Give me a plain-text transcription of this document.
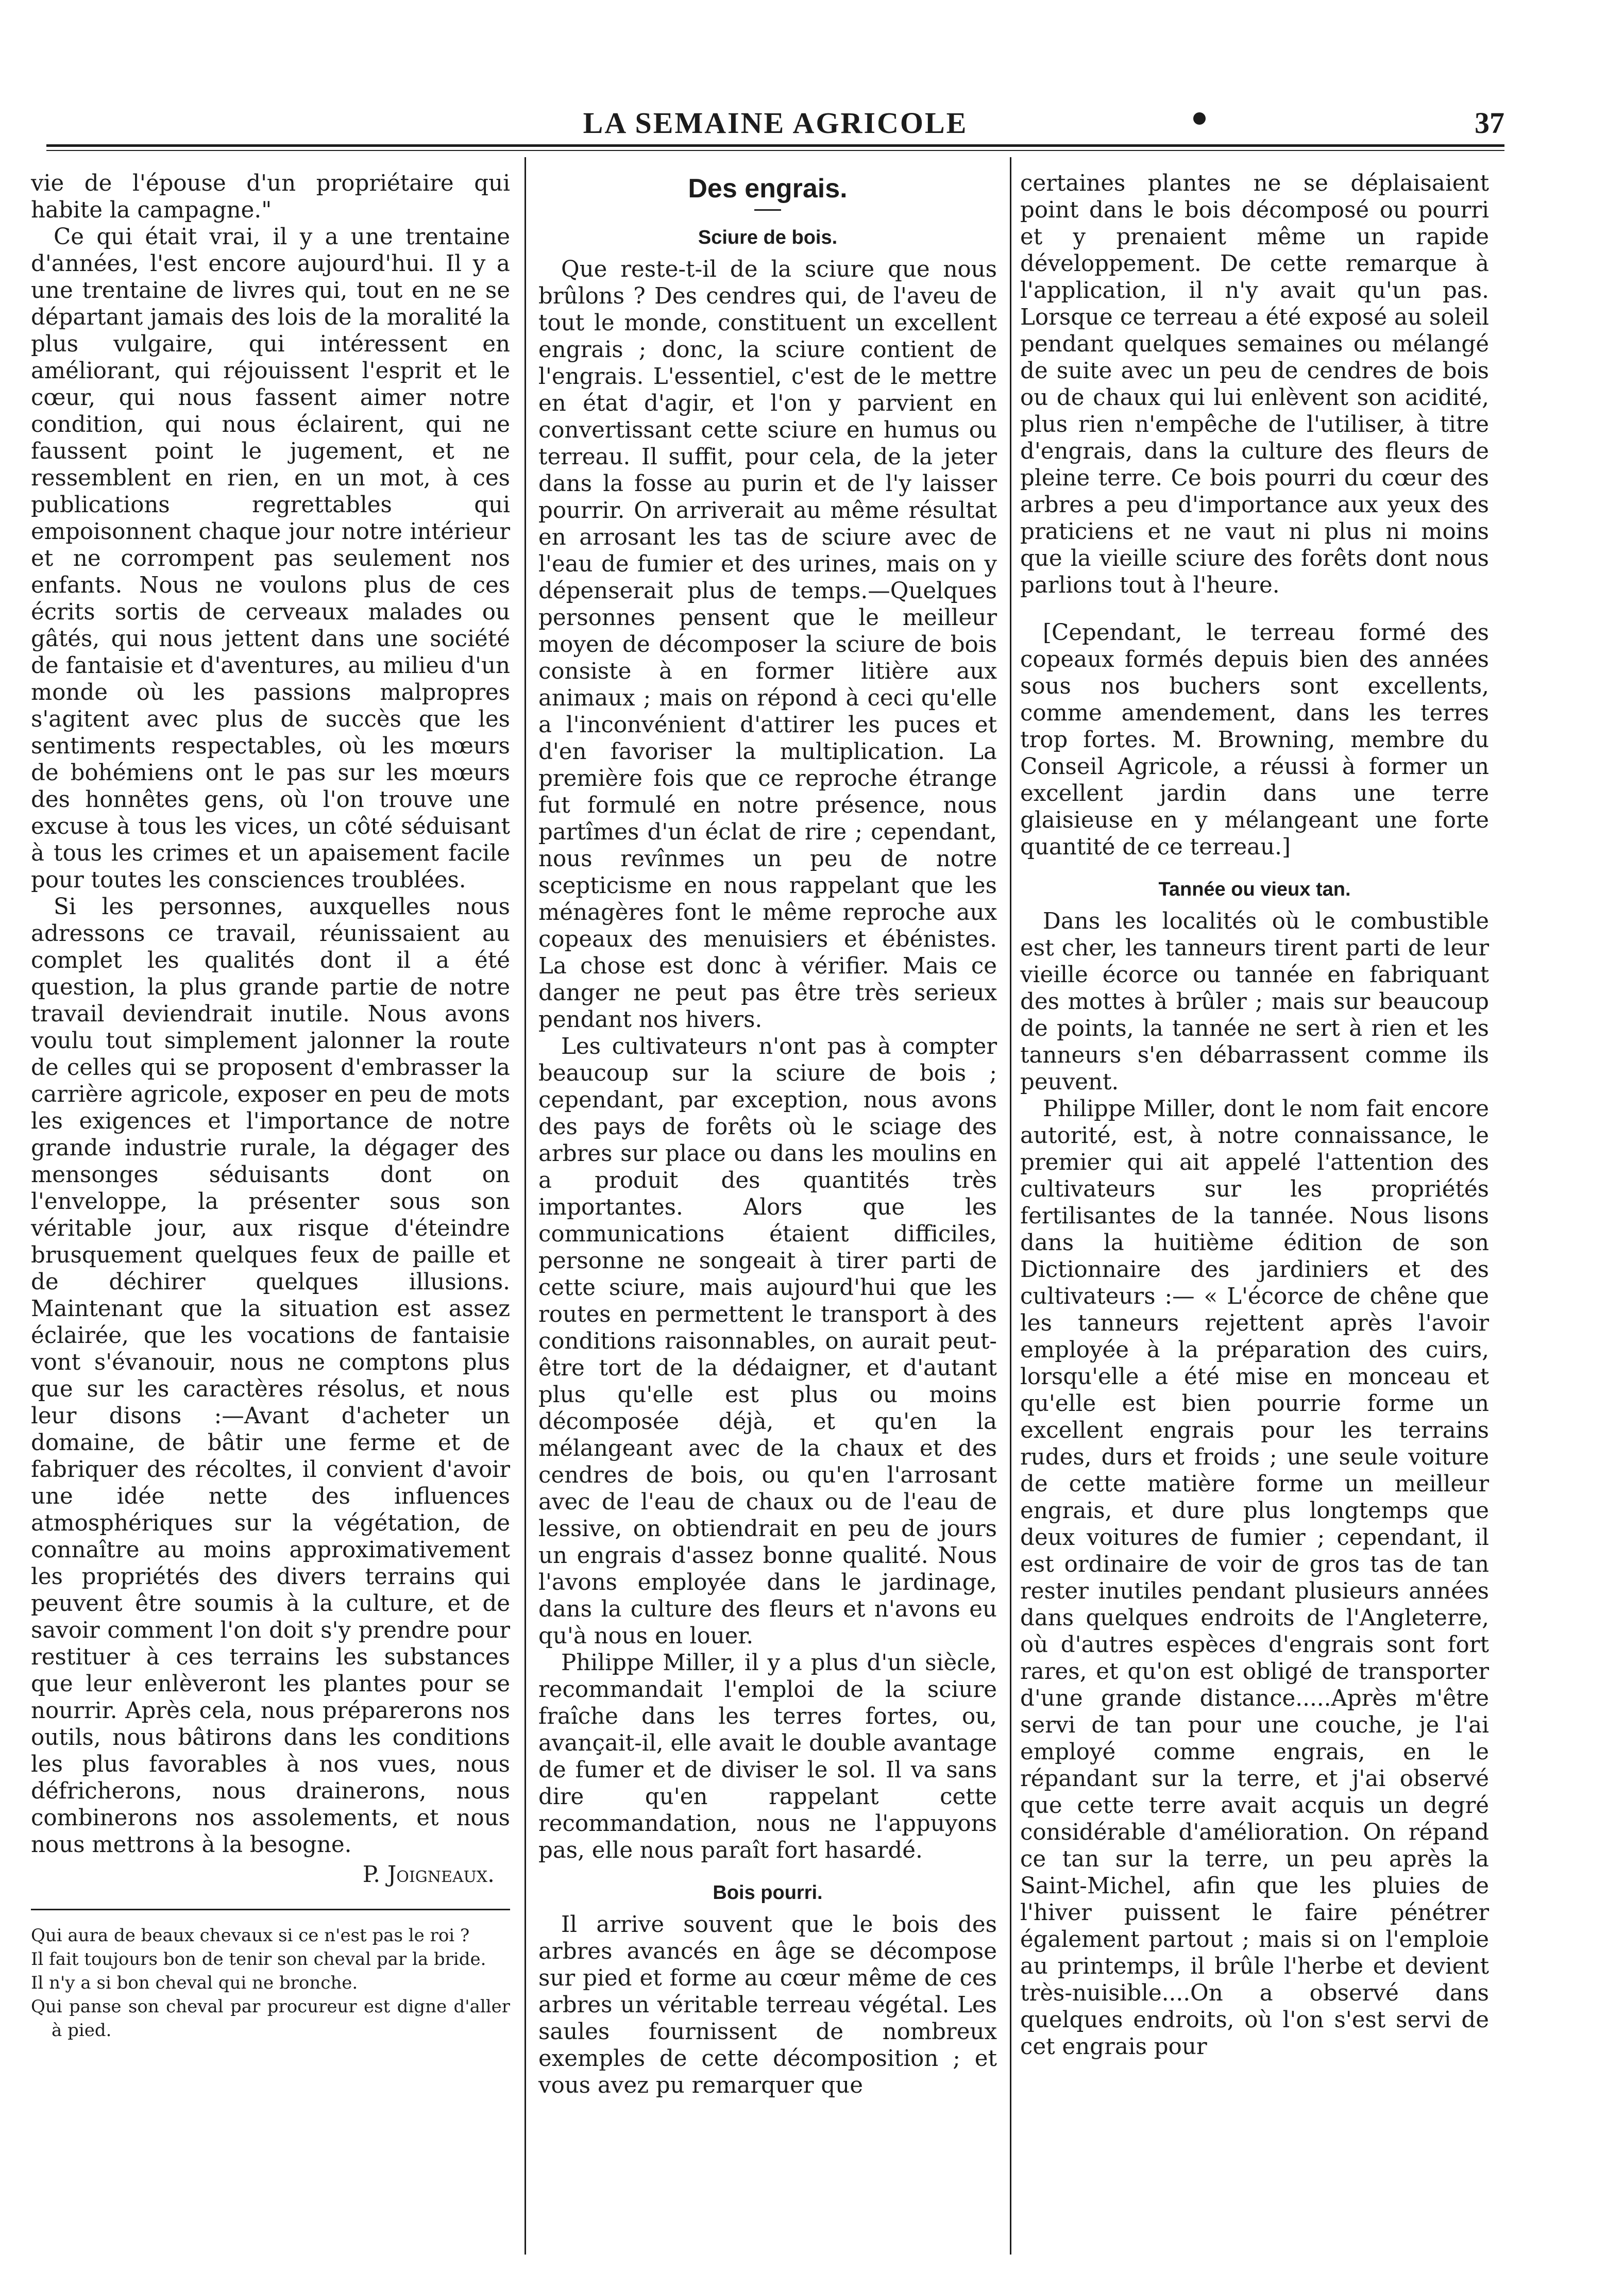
LA SEMAINE AGRICOLE	37

vie de l'épouse d'un propriétaire qui habite la campagne."

Ce qui était vrai, il y a une trentaine d'années, l'est encore aujourd'hui. Il y a une trentaine de livres qui, tout en ne se départant jamais des lois de la moralité la plus vulgaire, qui intéressent en améliorant, qui réjouissent l'esprit et le cœur, qui nous fassent aimer notre condition, qui nous éclairent, qui ne faussent point le jugement, et ne ressemblent en rien, en un mot, à ces publications regrettables qui empoisonnent chaque jour notre intérieur et ne corrompent pas seulement nos enfants. Nous ne voulons plus de ces écrits sortis de cerveaux malades ou gâtés, qui nous jettent dans une société de fantaisie et d'aventures, au milieu d'un monde où les passions malpropres s'agitent avec plus de succès que les sentiments respectables, où les mœurs de bohémiens ont le pas sur les mœurs des honnêtes gens, où l'on trouve une excuse à tous les vices, un côté séduisant à tous les crimes et un apaisement facile pour toutes les consciences troublées.

Si les personnes, auxquelles nous adressons ce travail, réunissaient au complet les qualités dont il a été question, la plus grande partie de notre travail deviendrait inutile. Nous avons voulu tout simplement jalonner la route de celles qui se proposent d'embrasser la carrière agricole, exposer en peu de mots les exigences et l'importance de notre grande industrie rurale, la dégager des mensonges séduisants dont on l'enveloppe, la présenter sous son véritable jour, aux risque d'éteindre brusquement quelques feux de paille et de déchirer quelques illusions. Maintenant que la situation est assez éclairée, que les vocations de fantaisie vont s'évanouir, nous ne comptons plus que sur les caractères résolus, et nous leur disons :—Avant d'acheter un domaine, de bâtir une ferme et de fabriquer des récoltes, il convient d'avoir une idée nette des influences atmosphériques sur la végétation, de connaître au moins approximativement les propriétés des divers terrains qui peuvent être soumis à la culture, et de savoir comment l'on doit s'y prendre pour restituer à ces terrains les substances que leur enlèveront les plantes pour se nourrir. Après cela, nous préparerons nos outils, nous bâtirons dans les conditions les plus favorables à nos vues, nous défricherons, nous drainerons, nous combinerons nos assolements, et nous nous mettrons à la besogne.

P. Joigneaux.

Qui aura de beaux chevaux si ce n'est pas le roi ?

Il fait toujours bon de tenir son cheval par la bride.

Il n'y a si bon cheval qui ne bronche.

Qui panse son cheval par procureur est digne d'aller à pied.

Des engrais.
Sciure de bois.

Que reste-t-il de la sciure que nous brûlons ? Des cendres qui, de l'aveu de tout le monde, constituent un excellent engrais ; donc, la sciure contient de l'engrais. L'essentiel, c'est de le mettre en état d'agir, et l'on y parvient en convertissant cette sciure en humus ou terreau. Il suffit, pour cela, de la jeter dans la fosse au purin et de l'y laisser pourrir. On arriverait au même résultat en arrosant les tas de sciure avec de l'eau de fumier et des urines, mais on y dépenserait plus de temps.—Quelques personnes pensent que le meilleur moyen de décomposer la sciure de bois consiste à en former litière aux animaux ; mais on répond à ceci qu'elle a l'inconvénient d'attirer les puces et d'en favoriser la multiplication. La première fois que ce reproche étrange fut formulé en notre présence, nous partîmes d'un éclat de rire ; cependant, nous revînmes un peu de notre scepticisme en nous rappelant que les ménagères font le même reproche aux copeaux des menuisiers et ébénistes. La chose est donc à vérifier. Mais ce danger ne peut pas être très serieux pendant nos hivers.

Les cultivateurs n'ont pas à compter beaucoup sur la sciure de bois ; cependant, par exception, nous avons des pays de forêts où le sciage des arbres sur place ou dans les moulins en a produit des quantités très importantes. Alors que les communications étaient difficiles, personne ne songeait à tirer parti de cette sciure, mais aujourd'hui que les routes en permettent le transport à des conditions raisonnables, on aurait peut-être tort de la dédaigner, et d'autant plus qu'elle est plus ou moins décomposée déjà, et qu'en la mélangeant avec de la chaux et des cendres de bois, ou qu'en l'arrosant avec de l'eau de chaux ou de l'eau de lessive, on obtiendrait en peu de jours un engrais d'assez bonne qualité. Nous l'avons employée dans le jardinage, dans la culture des fleurs et n'avons eu qu'à nous en louer.

Philippe Miller, il y a plus d'un siècle, recommandait l'emploi de la sciure fraîche dans les terres fortes, ou, avançait-il, elle avait le double avantage de fumer et de diviser le sol. Il va sans dire qu'en rappelant cette recommandation, nous ne l'appuyons pas, elle nous paraît fort hasardé.

Bois pourri.

Il arrive souvent que le bois des arbres avancés en âge se décompose sur pied et forme au cœur même de ces arbres un véritable terreau végétal. Les saules fournissent de nombreux exemples de cette décomposition ; et vous avez pu remarquer que

certaines plantes ne se déplaisaient point dans le bois décomposé ou pourri et y prenaient même un rapide développement. De cette remarque à l'application, il n'y avait qu'un pas. Lorsque ce terreau a été exposé au soleil pendant quelques semaines ou mélangé de suite avec un peu de cendres de bois ou de chaux qui lui enlèvent son acidité, plus rien n'empêche de l'utiliser, à titre d'engrais, dans la culture des fleurs de pleine terre. Ce bois pourri du cœur des arbres a peu d'importance aux yeux des praticiens et ne vaut ni plus ni moins que la vieille sciure des forêts dont nous parlions tout à l'heure.

[Cependant, le terreau formé des copeaux formés depuis bien des années sous nos buchers sont excellents, comme amendement, dans les terres trop fortes. M. Browning, membre du Conseil Agricole, a réussi à former un excellent jardin dans une terre glaisieuse en y mélangeant une forte quantité de ce terreau.]

Tannée ou vieux tan.

Dans les localités où le combustible est cher, les tanneurs tirent parti de leur vieille écorce ou tannée en fabriquant des mottes à brûler ; mais sur beaucoup de points, la tannée ne sert à rien et les tanneurs s'en débarrassent comme ils peuvent.

Philippe Miller, dont le nom fait encore autorité, est, à notre connaissance, le premier qui ait appelé l'attention des cultivateurs sur les propriétés fertilisantes de la tannée. Nous lisons dans la huitième édition de son Dictionnaire des jardiniers et des cultivateurs :— « L'écorce de chêne que les tanneurs rejettent après l'avoir employée à la préparation des cuirs, lorsqu'elle a été mise en monceau et qu'elle est bien pourrie forme un excellent engrais pour les terrains rudes, durs et froids ; une seule voiture de cette matière forme un meilleur engrais, et dure plus longtemps que deux voitures de fumier ; cependant, il est ordinaire de voir de gros tas de tan rester inutiles pendant plusieurs années dans quelques endroits de l'Angleterre, où d'autres espèces d'engrais sont fort rares, et qu'on est obligé de transporter d'une grande distance.....Après m'être servi de tan pour une couche, je l'ai employé comme engrais, en le répandant sur la terre, et j'ai observé que cette terre avait acquis un degré considérable d'amélioration. On répand ce tan sur la terre, un peu après la Saint-Michel, afin que les pluies de l'hiver puissent le faire pénétrer également partout ; mais si on l'emploie au printemps, il brûle l'herbe et devient très-nuisible....On a observé dans quelques endroits, où l'on s'est servi de cet engrais pour
